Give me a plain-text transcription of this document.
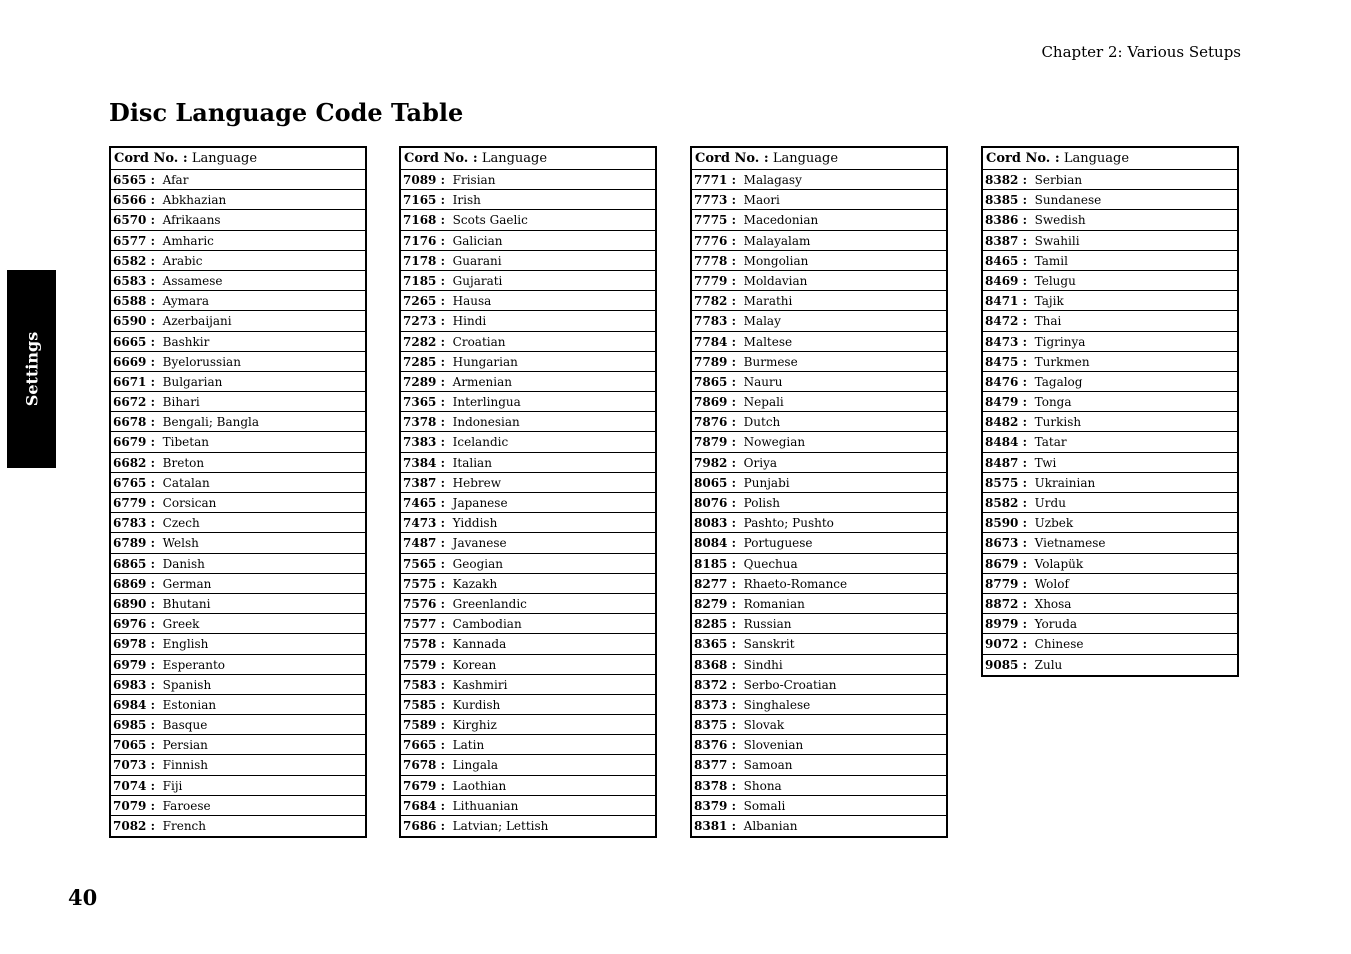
Chapter 2: Various Setups
Disc Language Code Table
Settings
Cord No. : Language
6565 : Afar
6566 : Abkhazian
6570 : Afrikaans
6577 : Amharic
6582 : Arabic
6583 : Assamese
6588 : Aymara
6590 : Azerbaijani
6665 : Bashkir
6669 : Byelorussian
6671 : Bulgarian
6672 : Bihari
6678 : Bengali; Bangla
6679 : Tibetan
6682 : Breton
6765 : Catalan
6779 : Corsican
6783 : Czech
6789 : Welsh
6865 : Danish
6869 : German
6890 : Bhutani
6976 : Greek
6978 : English
6979 : Esperanto
6983 : Spanish
6984 : Estonian
6985 : Basque
7065 : Persian
7073 : Finnish
7074 : Fiji
7079 : Faroese
7082 : French
Cord No. : Language
7089 : Frisian
7165 : Irish
7168 : Scots Gaelic
7176 : Galician
7178 : Guarani
7185 : Gujarati
7265 : Hausa
7273 : Hindi
7282 : Croatian
7285 : Hungarian
7289 : Armenian
7365 : Interlingua
7378 : Indonesian
7383 : Icelandic
7384 : Italian
7387 : Hebrew
7465 : Japanese
7473 : Yiddish
7487 : Javanese
7565 : Geogian
7575 : Kazakh
7576 : Greenlandic
7577 : Cambodian
7578 : Kannada
7579 : Korean
7583 : Kashmiri
7585 : Kurdish
7589 : Kirghiz
7665 : Latin
7678 : Lingala
7679 : Laothian
7684 : Lithuanian
7686 : Latvian; Lettish
Cord No. : Language
7771 : Malagasy
7773 : Maori
7775 : Macedonian
7776 : Malayalam
7778 : Mongolian
7779 : Moldavian
7782 : Marathi
7783 : Malay
7784 : Maltese
7789 : Burmese
7865 : Nauru
7869 : Nepali
7876 : Dutch
7879 : Nowegian
7982 : Oriya
8065 : Punjabi
8076 : Polish
8083 : Pashto; Pushto
8084 : Portuguese
8185 : Quechua
8277 : Rhaeto-Romance
8279 : Romanian
8285 : Russian
8365 : Sanskrit
8368 : Sindhi
8372 : Serbo-Croatian
8373 : Singhalese
8375 : Slovak
8376 : Slovenian
8377 : Samoan
8378 : Shona
8379 : Somali
8381 : Albanian
Cord No. : Language
8382 : Serbian
8385 : Sundanese
8386 : Swedish
8387 : Swahili
8465 : Tamil
8469 : Telugu
8471 : Tajik
8472 : Thai
8473 : Tigrinya
8475 : Turkmen
8476 : Tagalog
8479 : Tonga
8482 : Turkish
8484 : Tatar
8487 : Twi
8575 : Ukrainian
8582 : Urdu
8590 : Uzbek
8673 : Vietnamese
8679 : Volapük
8779 : Wolof
8872 : Xhosa
8979 : Yoruda
9072 : Chinese
9085 : Zulu
40
